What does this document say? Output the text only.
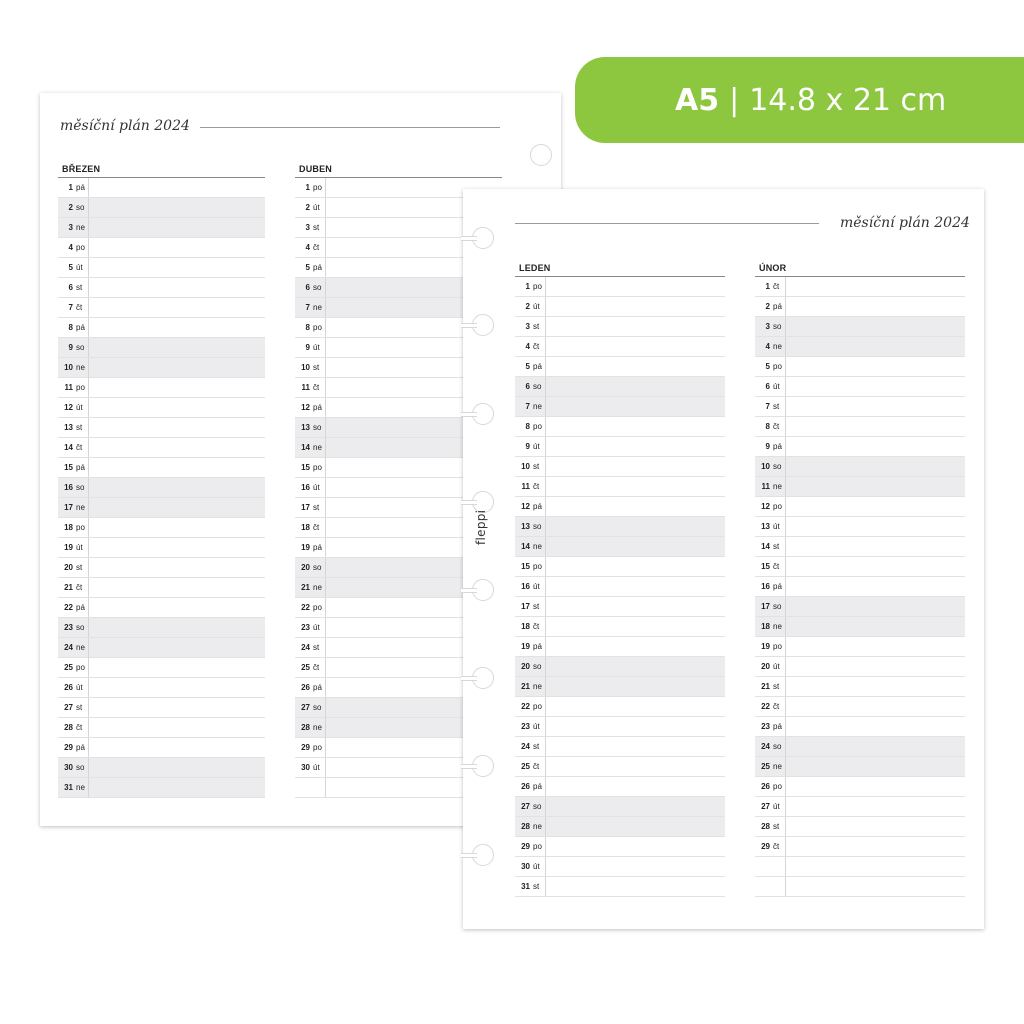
A5 | 14.8 x 21 cm
měsíční plán 2024
BŘEZEN
1 pá
2 so
3 ne
4 po
5 út
6 st
7 čt
8 pá
9 so
10 ne
11 po
12 út
13 st
14 čt
15 pá
16 so
17 ne
18 po
19 út
20 st
21 čt
22 pá
23 so
24 ne
25 po
26 út
27 st
28 čt
29 pá
30 so
31 ne
DUBEN
1 po
2 út
3 st
4 čt
5 pá
6 so
7 ne
8 po
9 út
10 st
11 čt
12 pá
13 so
14 ne
15 po
16 út
17 st
18 čt
19 pá
20 so
21 ne
22 po
23 út
24 st
25 čt
26 pá
27 so
28 ne
29 po
30 út
měsíční plán 2024
LEDEN
1 po
2 út
3 st
4 čt
5 pá
6 so
7 ne
8 po
9 út
10 st
11 čt
12 pá
13 so
14 ne
15 po
16 út
17 st
18 čt
19 pá
20 so
21 ne
22 po
23 út
24 st
25 čt
26 pá
27 so
28 ne
29 po
30 út
31 st
ÚNOR
1 čt
2 pá
3 so
4 ne
5 po
6 út
7 st
8 čt
9 pá
10 so
11 ne
12 po
13 út
14 st
15 čt
16 pá
17 so
18 ne
19 po
20 út
21 st
22 čt
23 pá
24 so
25 ne
26 po
27 út
28 st
29 čt
fleppi
